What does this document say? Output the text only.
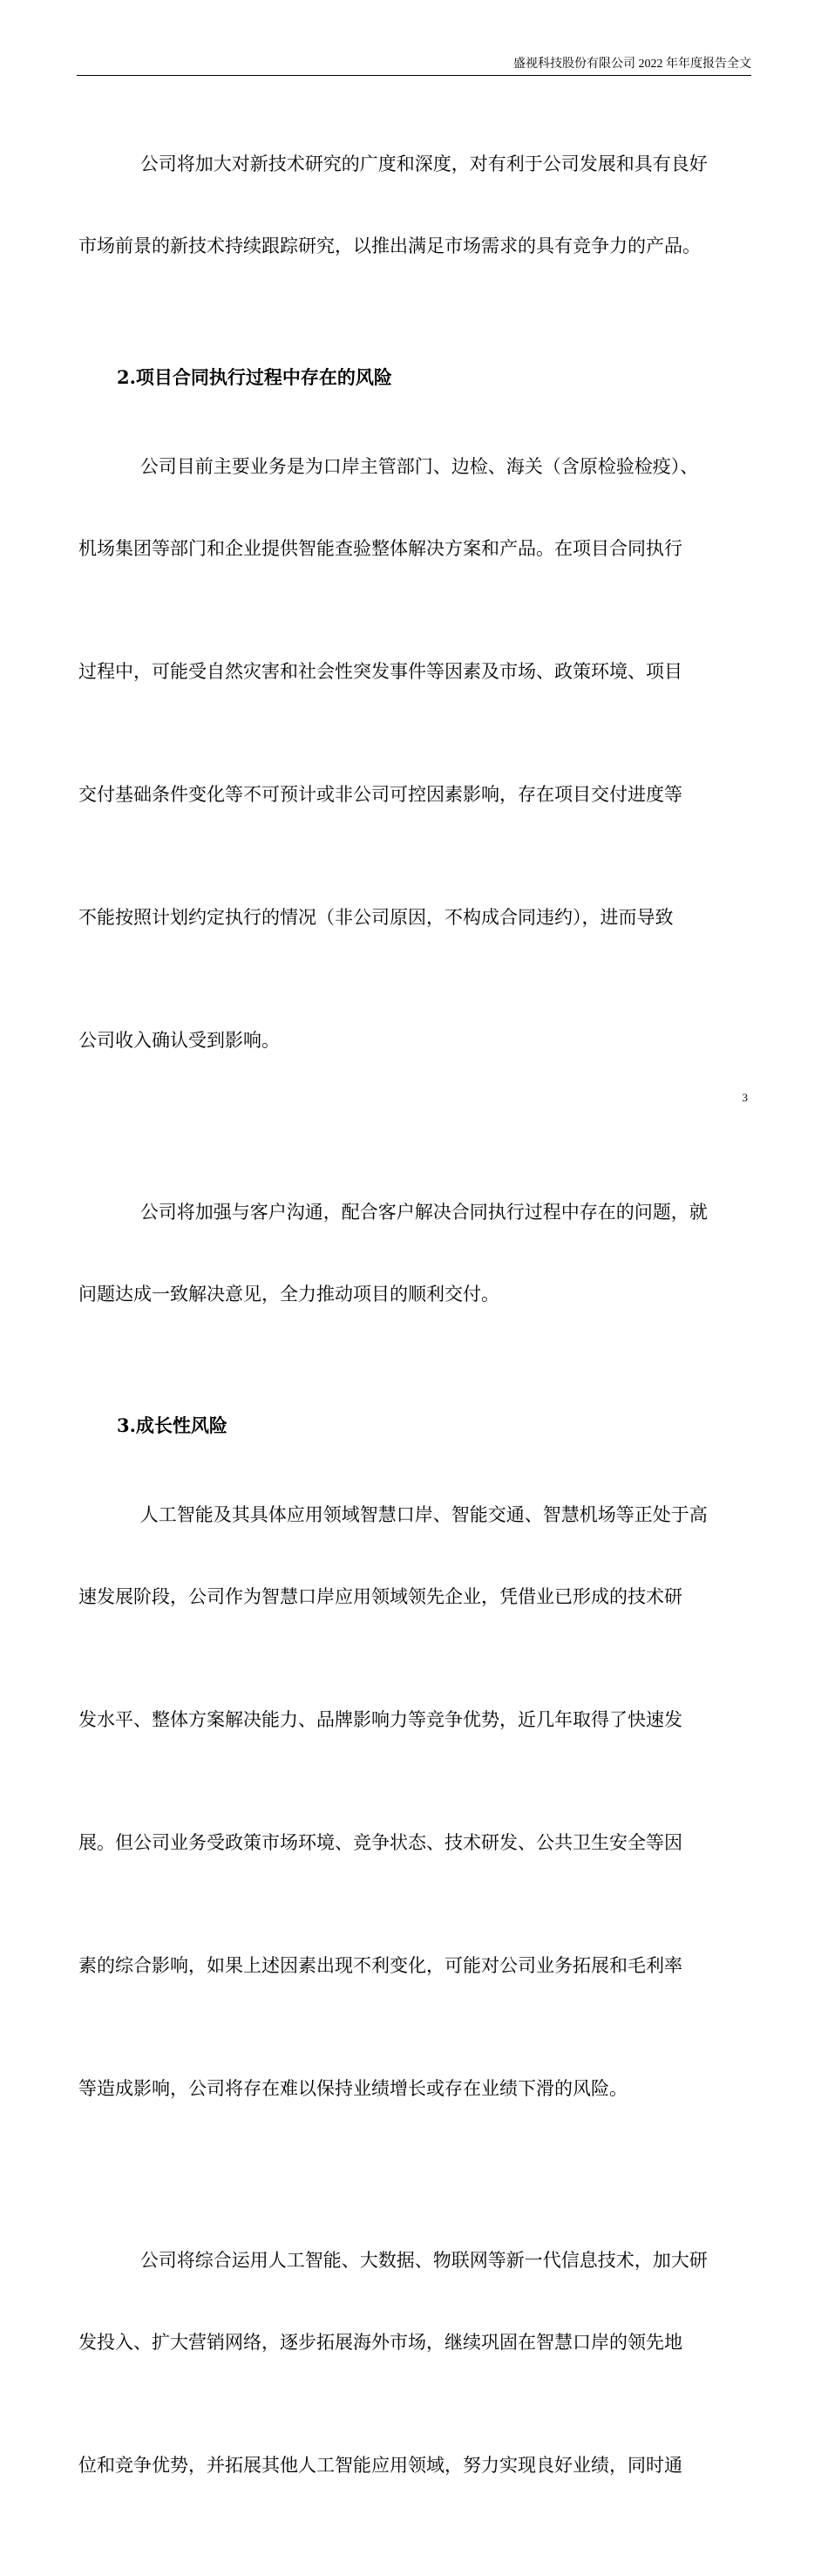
盛视科技股份有限公司 2022 年年度报告全文

公司将加大对新技术研究的广度和深度，对有利于公司发展和具有良好

市场前景的新技术持续跟踪研究，以推出满足市场需求的具有竞争力的产品。

2.项目合同执行过程中存在的风险

公司目前主要业务是为口岸主管部门、边检、海关（含原检验检疫）、

机场集团等部门和企业提供智能查验整体解决方案和产品。在项目合同执行

过程中，可能受自然灾害和社会性突发事件等因素及市场、政策环境、项目

交付基础条件变化等不可预计或非公司可控因素影响，存在项目交付进度等

不能按照计划约定执行的情况（非公司原因，不构成合同违约），进而导致

公司收入确认受到影响。

公司将加强与客户沟通，配合客户解决合同执行过程中存在的问题，就

问题达成一致解决意见，全力推动项目的顺利交付。

3.成长性风险

人工智能及其具体应用领域智慧口岸、智能交通、智慧机场等正处于高

速发展阶段，公司作为智慧口岸应用领域领先企业，凭借业已形成的技术研

发水平、整体方案解决能力、品牌影响力等竞争优势，近几年取得了快速发

展。但公司业务受政策市场环境、竞争状态、技术研发、公共卫生安全等因

素的综合影响，如果上述因素出现不利变化，可能对公司业务拓展和毛利率

等造成影响，公司将存在难以保持业绩增长或存在业绩下滑的风险。

公司将综合运用人工智能、大数据、物联网等新一代信息技术，加大研

发投入、扩大营销网络，逐步拓展海外市场，继续巩固在智慧口岸的领先地

位和竞争优势，并拓展其他人工智能应用领域，努力实现良好业绩，同时通

3
